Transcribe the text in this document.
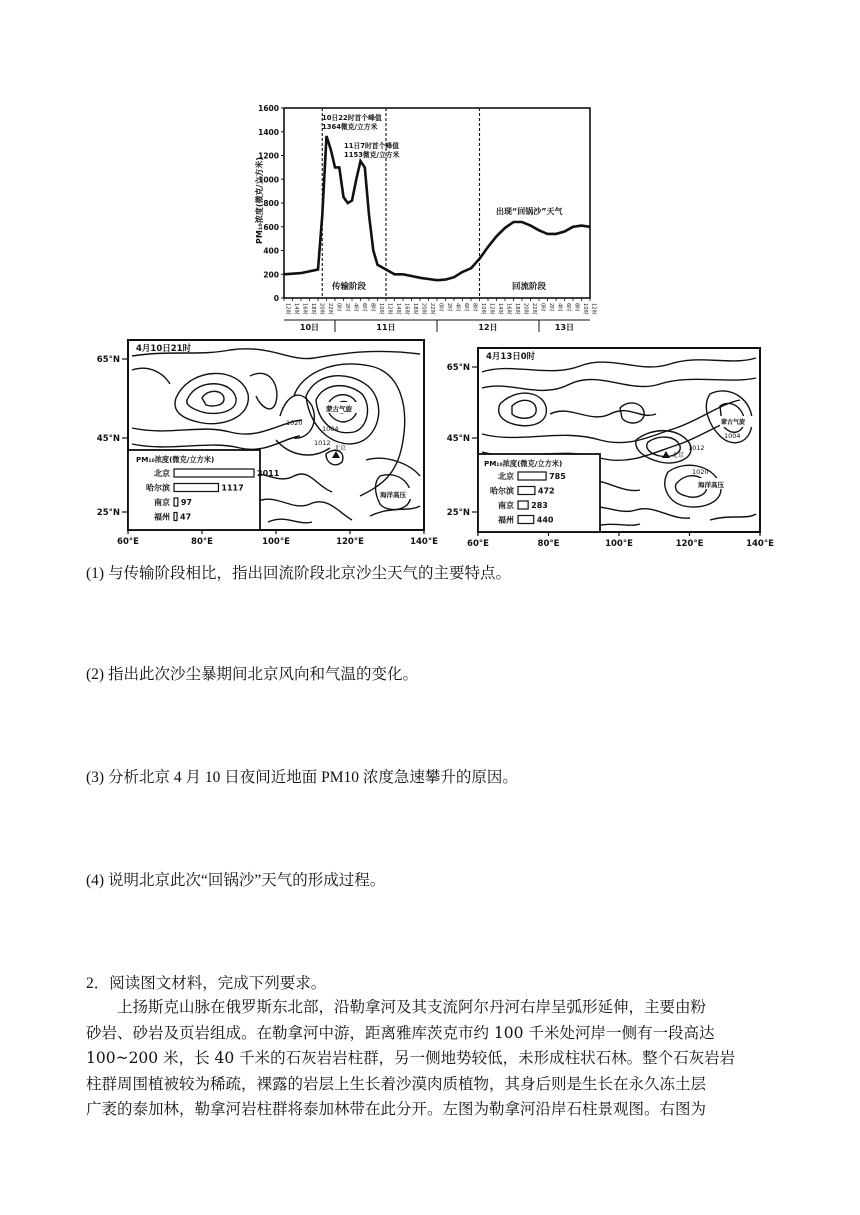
0
200
400
600
800
1000
1200
1400
1600
PM₁₀浓度(微克/立方米)
12时 14时 16时 18时 20时 22时 0时 2时 4时 6时 8时 10时 12时 14时 16时 18时 20时 22时 0时 2时 4时 6时 8时 10时 12时 14时 16时 18时 20时 22时 0时 2时 4时 6时 8时 10时 12时
10日	11日	12日	13日
10日22时首个峰值
1364微克/立方米
11日7时首个峰值
1153微克/立方米
出现“回锅沙”天气
传输阶段	回流阶段
65°N
45°N
25°N
60°E	80°E	100°E	120°E	140°E
4月10日21时
蒙古气旋
1020
1004
1012
北京
海洋高压
PM₁₀浓度(微克/立方米)
北京	2011
哈尔滨	1117
南京 97
福州 47
65°N
45°N
25°N
60°E	80°E	100°E	120°E	140°E
4月13日0时
蒙古气旋
1004
1012
1020
北京
海洋高压
PM₁₀浓度(微克/立方米)
北京	785
哈尔滨	472
南京 283
福州	440
(1) 与传输阶段相比，指出回流阶段北京沙尘天气的主要特点。
(2) 指出此次沙尘暴期间北京风向和气温的变化。
(3) 分析北京 4 月 10 日夜间近地面 PM10 浓度急速攀升的原因。
(4) 说明北京此次“回锅沙”天气的形成过程。
2．阅读图文材料，完成下列要求。

上扬斯克山脉在俄罗斯东北部，沿勒拿河及其支流阿尔丹河右岸呈弧形延伸，主要由粉

砂岩、砂岩及页岩组成。在勒拿河中游，距离雅库茨克市约 100 千米处河岸一侧有一段高达

100~200 米，长 40 千米的石灰岩岩柱群，另一侧地势较低，未形成柱状石林。整个石灰岩岩

柱群周围植被较为稀疏，裸露的岩层上生长着沙漠肉质植物，其身后则是生长在永久冻土层

广袤的泰加林，勒拿河岩柱群将泰加林带在此分开。左图为勒拿河沿岸石柱景观图。右图为
